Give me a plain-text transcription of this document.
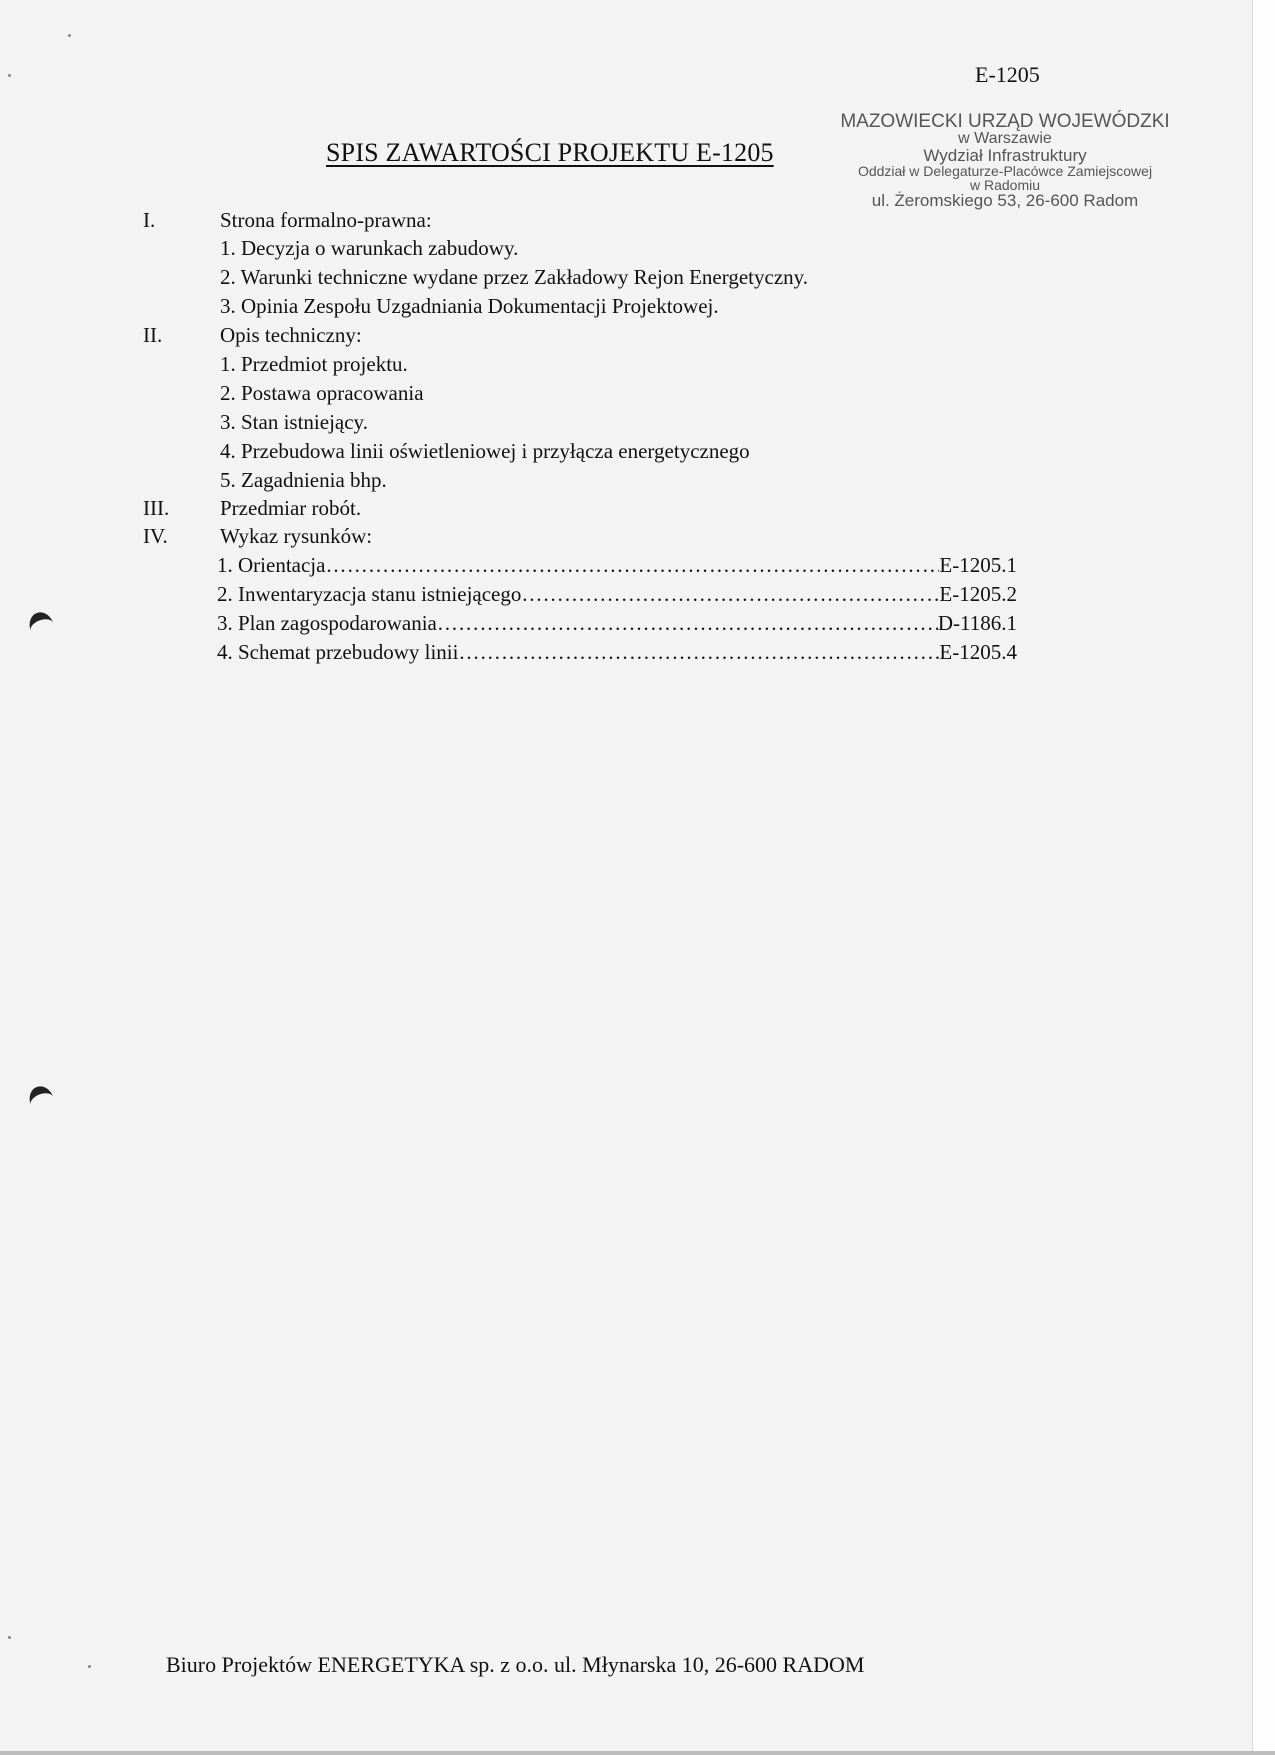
E-1205
SPIS ZAWARTOŚCI PROJEKTU E-1205
MAZOWIECKI URZĄD WOJEWÓDZKI
w Warszawie
Wydział Infrastruktury
Oddział w Delegaturze-Placówce Zamiejscowej
w Radomiu
ul. Żeromskiego 53, 26-600 Radom
I.	Strona formalno-prawna:
1. Decyzja o warunkach zabudowy.
2. Warunki techniczne wydane przez Zakładowy Rejon Energetyczny.
3. Opinia Zespołu Uzgadniania Dokumentacji Projektowej.
II.	Opis techniczny:
1. Przedmiot projektu.
2. Postawa opracowania
3. Stan istniejący.
4. Przebudowa linii oświetleniowej i przyłącza energetycznego
5. Zagadnienia bhp.
III. Przedmiar robót.
IV. Wykaz rysunków:
1. Orientacja …………………………………………………………………………………………………………………………………………	E-1205.1
2. Inwentaryzacja stanu istniejącego …………………………………………………………………………………………………………………………………………	E-1205.2
3. Plan zagospodarowania …………………………………………………………………………………………………………………………………………	D-1186.1
4. Schemat przebudowy linii …………………………………………………………………………………………………………………………………………	E-1205.4
Biuro Projektów ENERGETYKA sp. z o.o. ul. Młynarska 10, 26-600 RADOM
